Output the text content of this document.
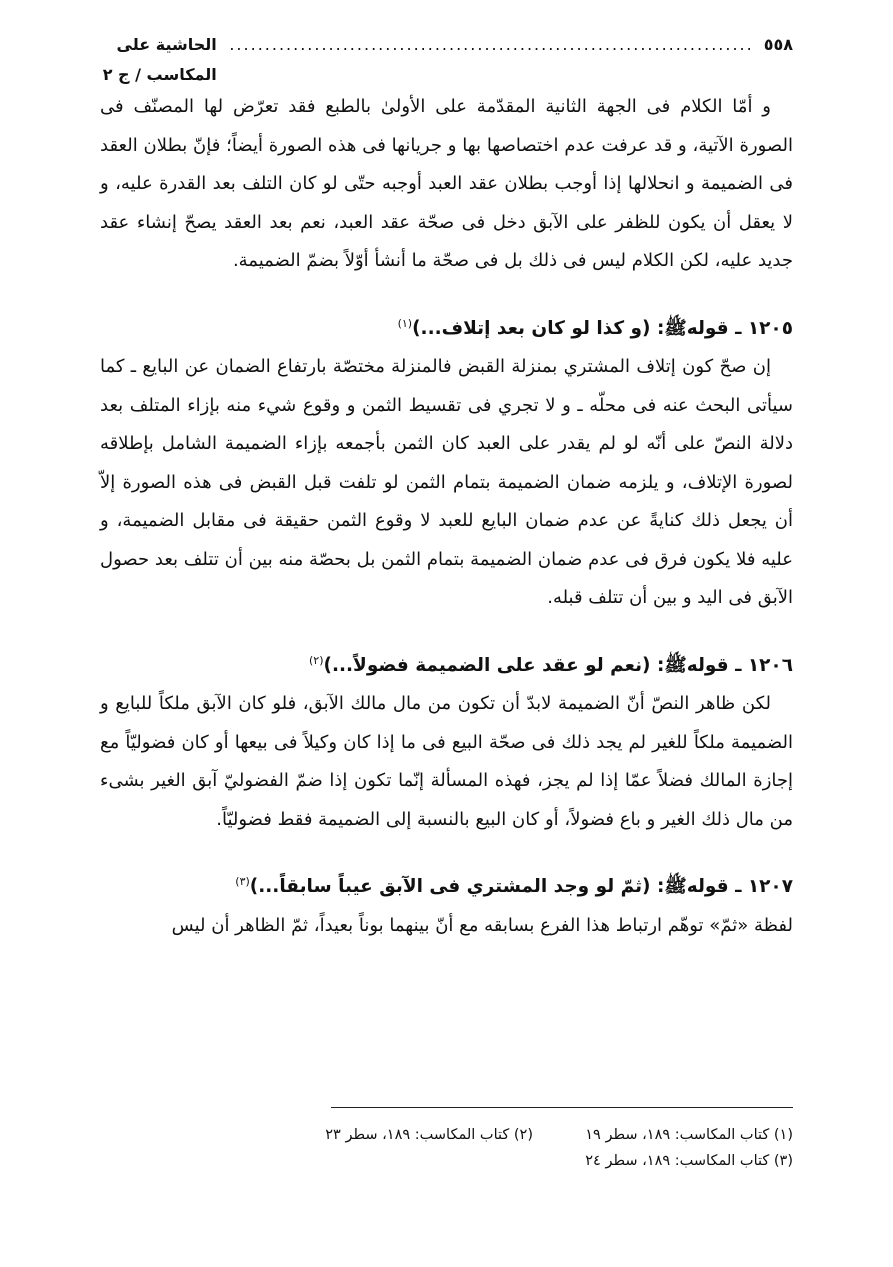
٥٥٨
.....
الحاشية على المكاسب / ج ٢

و أمّا الكلام فى الجهة الثانية المقدّمة على الأولىٰ بالطبع فقد تعرّض لها المصنّف فى الصورة الآتية، و قد عرفت عدم اختصاصها بها و جريانها فى هذه الصورة أيضاً؛ فإنّ بطلان العقد فى الضميمة و انحلالها إذا أوجب بطلان عقد العبد أوجبه حتّى لو كان التلف بعد القدرة عليه، و لا يعقل أن يكون للظفر على الآبق دخل فى صحّة عقد العبد، نعم بعد العقد يصحّ إنشاء عقد جديد عليه، لكن الكلام ليس فى ذلك بل فى صحّة ما أنشأ أوّلاً بضمّ الضميمة.

١٢٠٥ ـ قولهﷺ: (و كذا لو كان بعد إتلاف...)$^{(١)}$

إن صحّ كون إتلاف المشتري بمنزلة القبض فالمنزلة مختصّة بارتفاع الضمان عن البايع ـ كما سيأتى البحث عنه فى محلّه ـ و لا تجري فى تقسيط الثمن و وقوع شيء منه بإزاء المتلف بعد دلالة النصّ على أنّه لو لم يقدر على العبد كان الثمن بأجمعه بإزاء الضميمة الشامل بإطلاقه لصورة الإتلاف، و يلزمه ضمان الضميمة بتمام الثمن لو تلفت قبل القبض فى هذه الصورة إلاّ أن يجعل ذلك كنايةً عن عدم ضمان البايع للعبد لا وقوع الثمن حقيقة فى مقابل الضميمة، و عليه فلا يكون فرق فى عدم ضمان الضميمة بتمام الثمن بل بحصّة منه بين أن تتلف بعد حصول الآبق فى اليد و بين أن تتلف قبله.

١٢٠٦ ـ قولهﷺ: (نعم لو عقد على الضميمة فضولاً...)$^{(٢)}$

لكن ظاهر النصّ أنّ الضميمة لابدّ أن تكون من مال مالك الآبق، فلو كان الآبق ملكاً للبايع و الضميمة ملكاً للغير لم يجد ذلك فى صحّة البيع فى ما إذا كان وكيلاً فى بيعها أو كان فضوليّاً مع إجازة المالك فضلاً عمّا إذا لم يجز، فهذه المسألة إنّما تكون إذا ضمّ الفضوليّ آبق الغير بشىء من مال ذلك الغير و باع فضولاً، أو كان البيع بالنسبة إلى الضميمة فقط فضوليّاً.

١٢٠٧ ـ قولهﷺ: (ثمّ لو وجد المشتري فى الآبق عيباً سابقاً...)$^{(٣)}$

لفظة «ثمّ» توهّم ارتباط هذا الفرع بسابقه مع أنّ بينهما بوناً بعيداً، ثمّ الظاهر أن ليس

(١) كتاب المكاسب: ١٨٩، سطر ١٩
(٢) كتاب المكاسب: ١٨٩، سطر ٢٣
(٣) كتاب المكاسب: ١٨٩، سطر ٢٤
